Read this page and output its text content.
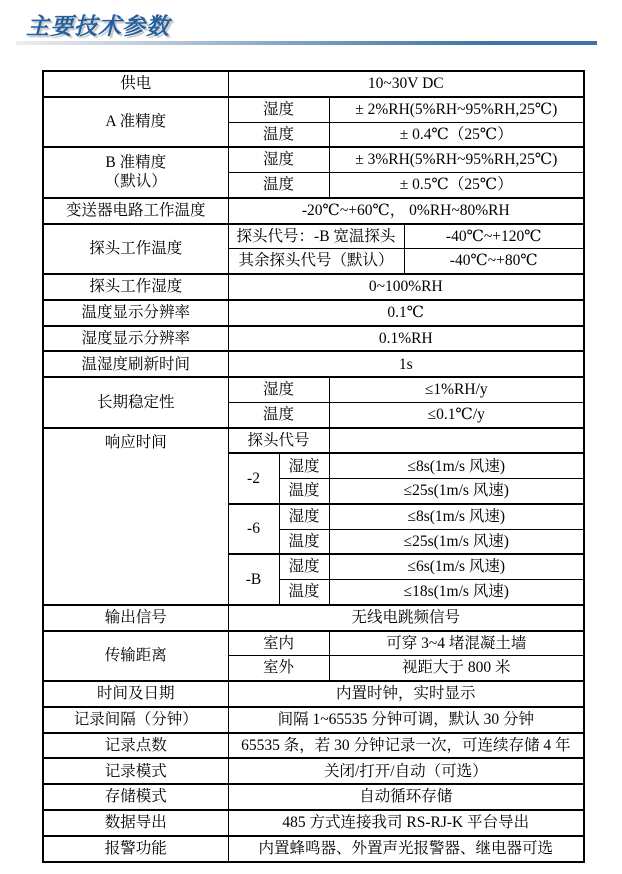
主要技术参数
供电	10~30V DC			
A 准精度	湿度		± 2%RH(5%RH~95%RH,25℃)	
	温度		± 0.4℃（25℃）	

B 准精度
（默认）	湿度		± 3%RH(5%RH~95%RH,25℃)	
	温度		± 0.5℃（25℃）	
变送器电路工作温度	-20℃~+60℃， 0%RH~80%RH			
探头工作温度	探头代号：-B 宽温探头			-40℃~+120℃
	其余探头代号（默认）			-40℃~+80℃
探头工作湿度	0~100%RH			
温度显示分辨率	0.1℃			
湿度显示分辨率	0.1%RH			
温湿度刷新时间	1s			
长期稳定性	湿度		≤1%RH/y	
	温度		≤0.1℃/y	
响应时间	探头代号			
	-2	湿度	≤8s(1m/s 风速)	
		温度	≤25s(1m/s 风速)	
	-6	湿度	≤8s(1m/s 风速)	
		温度	≤25s(1m/s 风速)	
	-B	湿度	≤6s(1m/s 风速)	
		温度	≤18s(1m/s 风速)	
输出信号	无线电跳频信号			
传输距离	室内		可穿 3~4 堵混凝土墙	
	室外		视距大于 800 米	
时间及日期	内置时钟，实时显示			
记录间隔（分钟）	间隔 1~65535 分钟可调，默认 30 分钟			
记录点数	65535 条，若 30 分钟记录一次，可连续存储 4 年			
记录模式	关闭/打开/自动（可选）			
存储模式	自动循环存储			
数据导出	485 方式连接我司 RS-RJ-K 平台导出			
报警功能	内置蜂鸣器、外置声光报警器、继电器可选			
